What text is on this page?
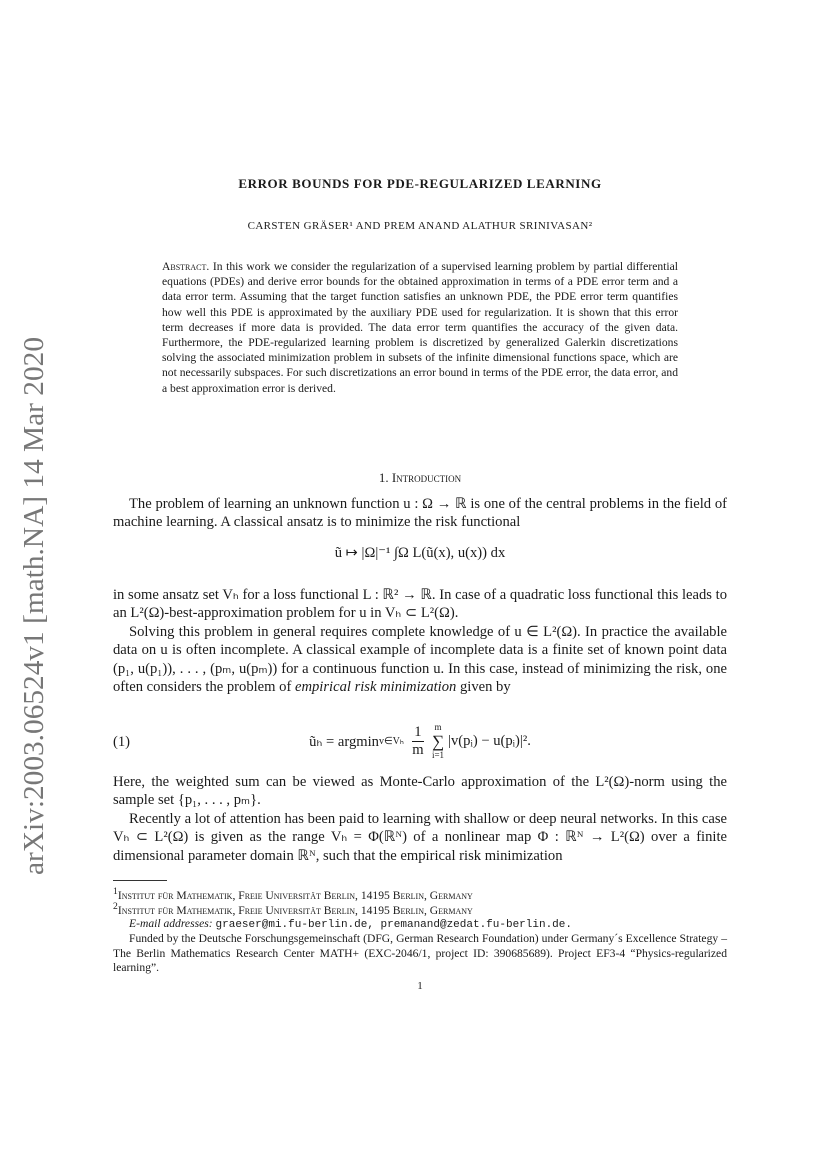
arXiv:2003.06524v1 [math.NA] 14 Mar 2020
ERROR BOUNDS FOR PDE-REGULARIZED LEARNING
CARSTEN GRÄSER¹ AND PREM ANAND ALATHUR SRINIVASAN²
Abstract. In this work we consider the regularization of a supervised learning problem by partial differential equations (PDEs) and derive error bounds for the obtained approximation in terms of a PDE error term and a data error term. Assuming that the target function satisfies an unknown PDE, the PDE error term quantifies how well this PDE is approximated by the auxiliary PDE used for regularization. It is shown that this error term decreases if more data is provided. The data error term quantifies the accuracy of the given data. Furthermore, the PDE-regularized learning problem is discretized by generalized Galerkin discretizations solving the associated minimization problem in subsets of the infinite dimensional functions space, which are not necessarily subspaces. For such discretizations an error bound in terms of the PDE error, the data error, and a best approximation error is derived.
1. Introduction
The problem of learning an unknown function u : Ω → ℝ is one of the central problems in the field of machine learning. A classical ansatz is to minimize the risk functional
ũ ↦ |Ω|⁻¹ ∫Ω L(ũ(x), u(x)) dx
in some ansatz set Vₕ for a loss functional L : ℝ² → ℝ. In case of a quadratic loss functional this leads to an L²(Ω)-best-approximation problem for u in Vₕ ⊂ L²(Ω).
Solving this problem in general requires complete knowledge of u ∈ L²(Ω). In practice the available data on u is often incomplete. A classical example of incomplete data is a finite set of known point data (p₁, u(p₁)), . . . , (pₘ, u(pₘ)) for a continuous function u. In this case, instead of minimizing the risk, one often considers the problem of empirical risk minimization given by
(1)	ũₕ = argmin v∈Vₕ
1
m
m
∑
i=1
|v(pᵢ) − u(pᵢ)|².
Here, the weighted sum can be viewed as Monte-Carlo approximation of the L²(Ω)-norm using the sample set {p₁, . . . , pₘ}.
Recently a lot of attention has been paid to learning with shallow or deep neural networks. In this case Vₕ ⊂ L²(Ω) is given as the range Vₕ = Φ(ℝᴺ) of a nonlinear map Φ : ℝᴺ → L²(Ω) over a finite dimensional parameter domain ℝᴺ, such that the empirical risk minimization
$^1$Institut für Mathematik, Freie Universität Berlin, 14195 Berlin, Germany
$^2$Institut für Mathematik, Freie Universität Berlin, 14195 Berlin, Germany
E-mail addresses: graeser@mi.fu-berlin.de, premanand@zedat.fu-berlin.de.
Funded by the Deutsche Forschungsgemeinschaft (DFG, German Research Foundation) under Germany´s Excellence Strategy – The Berlin Mathematics Research Center MATH+ (EXC-2046/1, project ID: 390685689). Project EF3-4 “Physics-regularized learning”.
1
